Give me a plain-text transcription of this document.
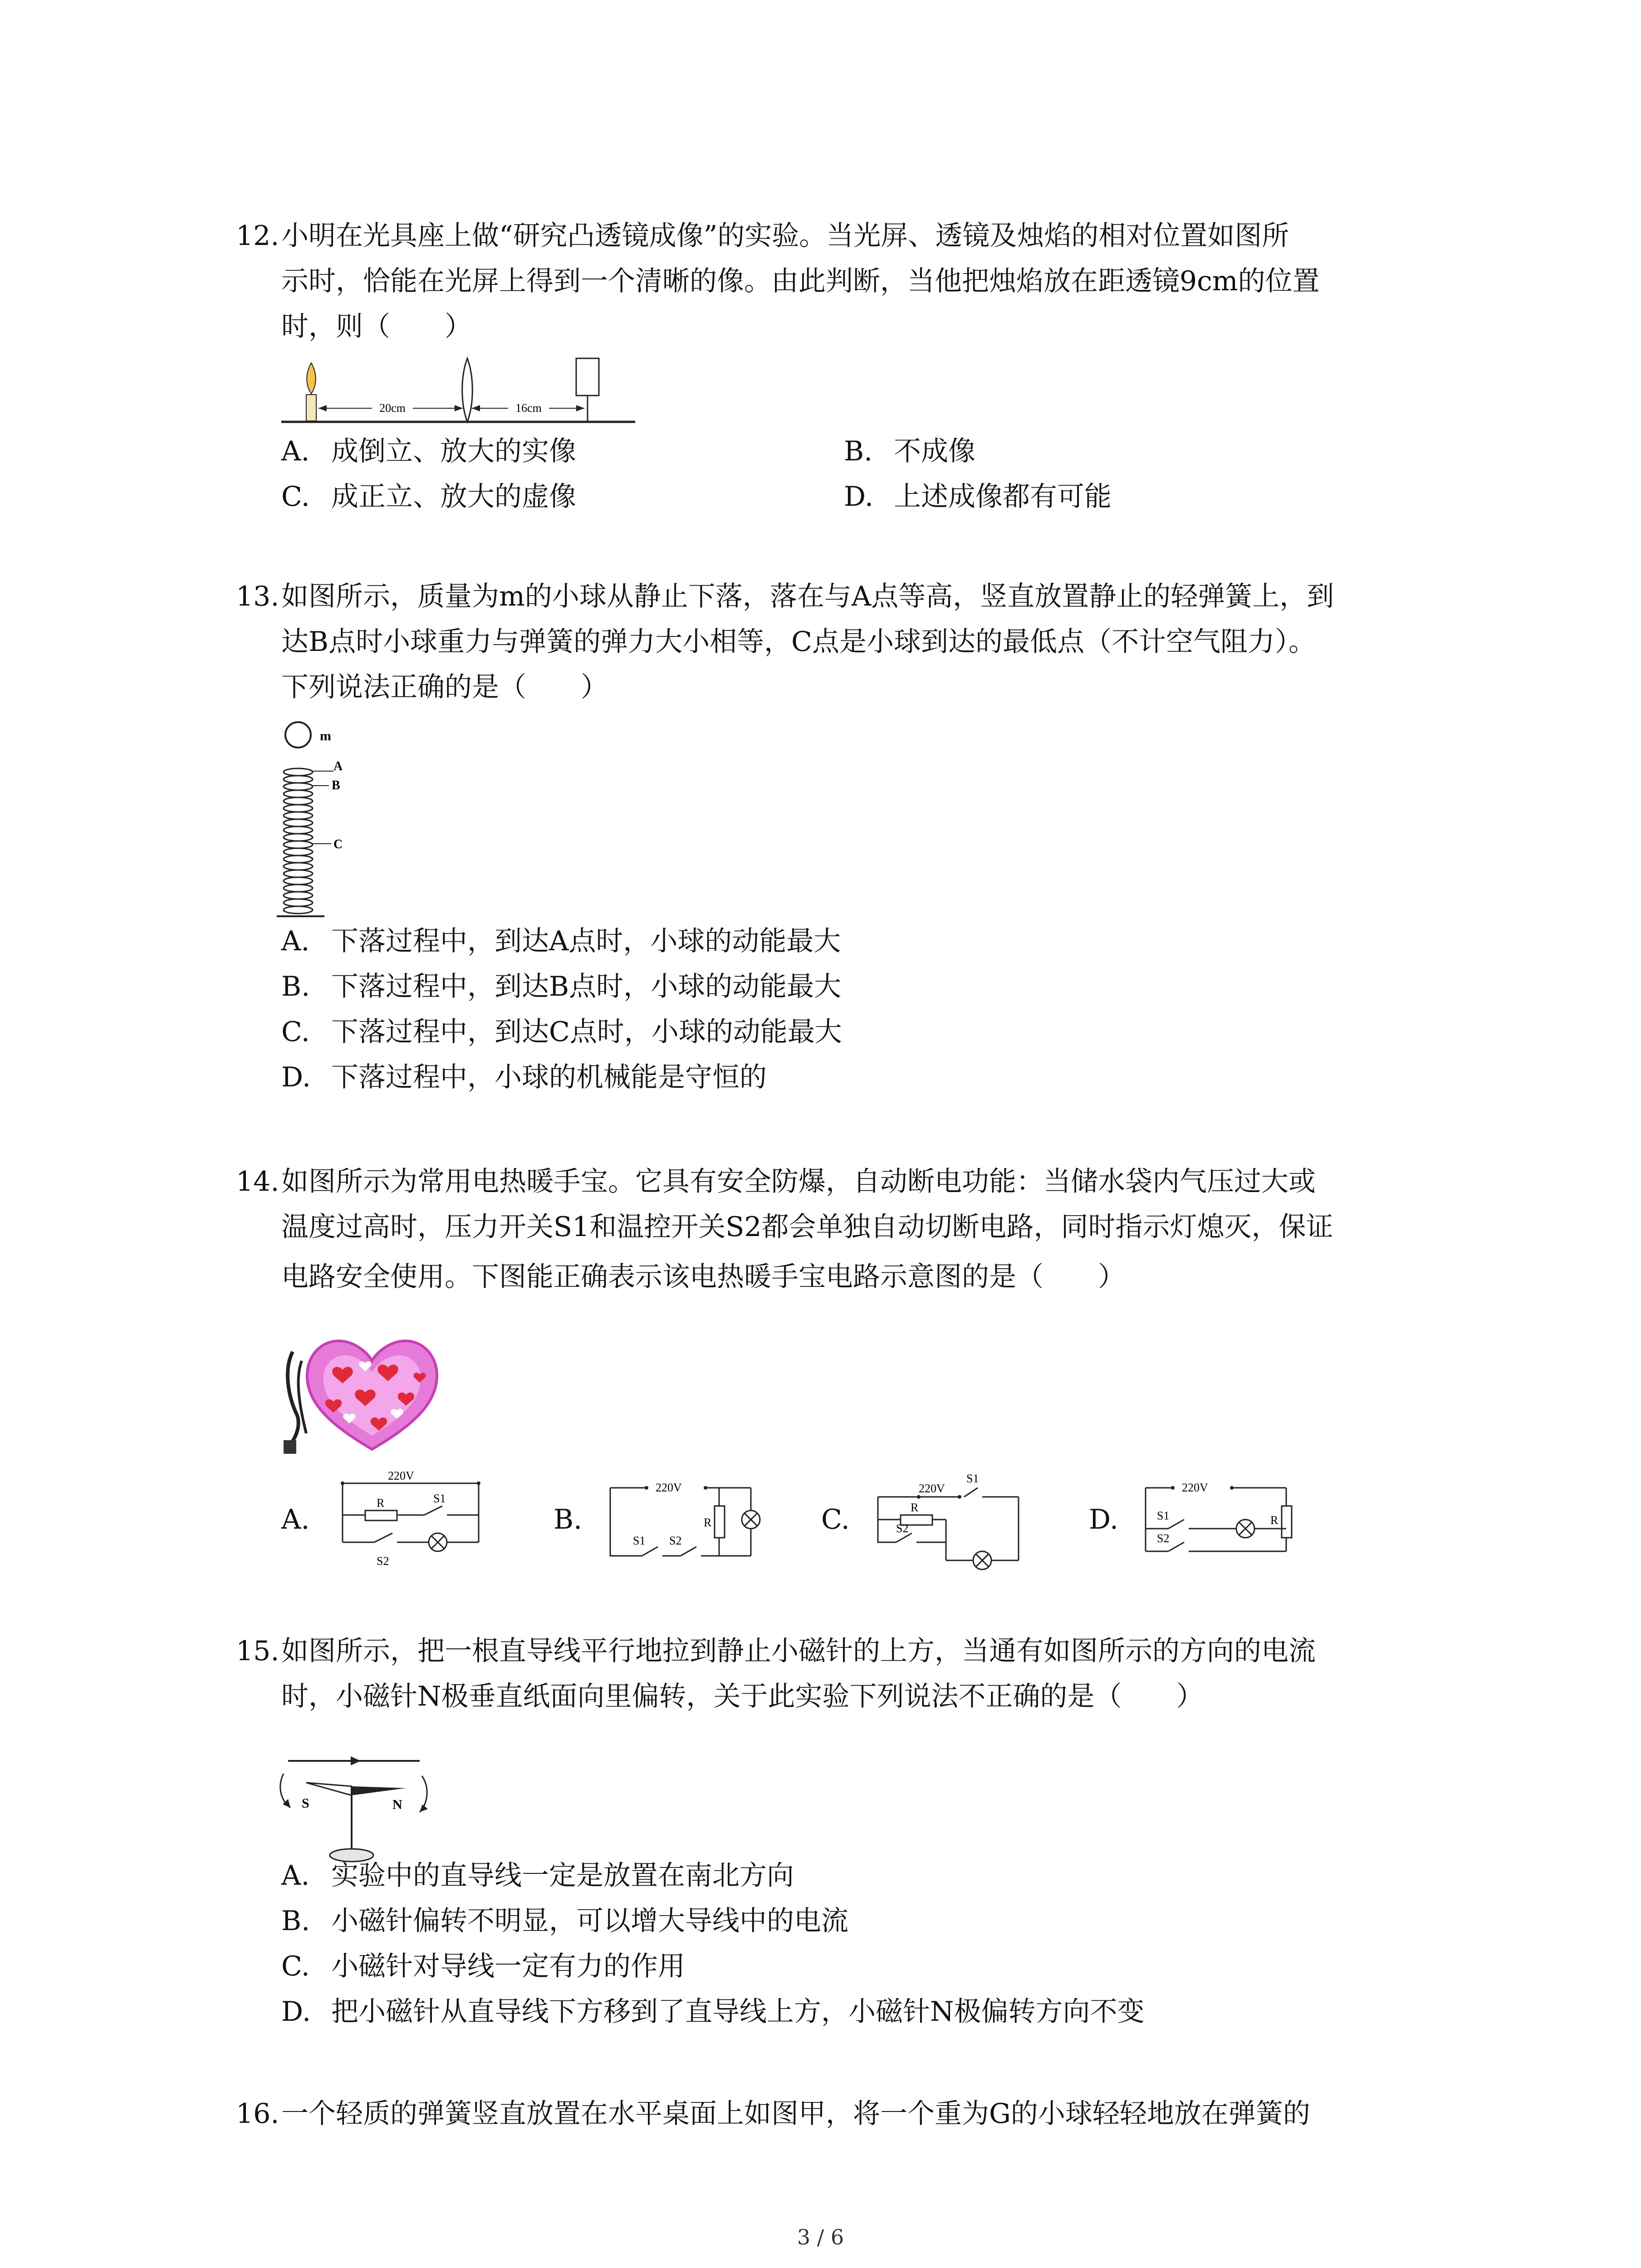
12.小明在光具座上做“研究凸透镜成像”的实验。当光屏、透镜及烛焰的相对位置如图所
示时，恰能在光屏上得到一个清晰的像。由此判断，当他把烛焰放在距透镜9cm的位置
时，则（　　）
20cm	16cm
A. 成倒立、放大的实像	B. 不成像
C. 成正立、放大的虚像	D. 上述成像都有可能
13.如图所示，质量为m的小球从静止下落，落在与A点等高，竖直放置静止的轻弹簧上，到
达B点时小球重力与弹簧的弹力大小相等，C点是小球到达的最低点（不计空气阻力）。
下列说法正确的是（　　）
m
A
B
C
A. 下落过程中，到达A点时，小球的动能最大
B. 下落过程中，到达B点时，小球的动能最大
C. 下落过程中，到达C点时，小球的动能最大
D. 下落过程中，小球的机械能是守恒的
14.如图所示为常用电热暖手宝。它具有安全防爆，自动断电功能：当储水袋内气压过大或
温度过高时，压力开关S1和温控开关S2都会单独自动切断电路，同时指示灯熄灭，保证
电路安全使用。下图能正确表示该电热暖手宝电路示意图的是（　　）
A.
220V
R	S1
S2
B.
220V
R
S1 S2
C.
220V
R
S1
S2	D.
220V
R
S1
S2
15.如图所示，把一根直导线平行地拉到静止小磁针的上方，当通有如图所示的方向的电流
时，小磁针N极垂直纸面向里偏转，关于此实验下列说法不正确的是（　　）
S	N
A. 实验中的直导线一定是放置在南北方向
B. 小磁针偏转不明显，可以增大导线中的电流
C. 小磁针对导线一定有力的作用
D. 把小磁针从直导线下方移到了直导线上方，小磁针N极偏转方向不变
16.一个轻质的弹簧竖直放置在水平桌面上如图甲，将一个重为G的小球轻轻地放在弹簧的
3 / 6
